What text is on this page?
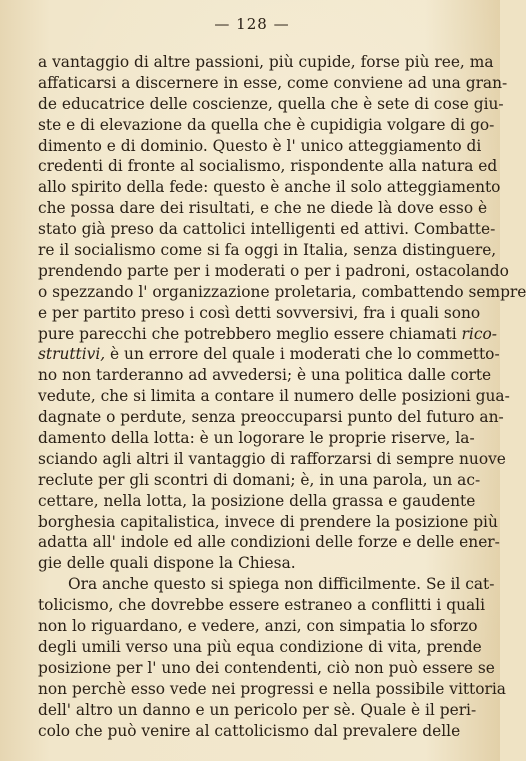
— 128 —
a vantaggio di altre passioni, più cupide, forse più ree, ma
affaticarsi a discernere in esse, come conviene ad una gran-
de educatrice delle coscienze, quella che è sete di cose giu-
ste e di elevazione da quella che è cupidigia volgare di go-
dimento e di dominio. Questo è l' unico atteggiamento di
credenti di fronte al socialismo, rispondente alla natura ed
allo spirito della fede: questo è anche il solo atteggiamento
che possa dare dei risultati, e che ne diede là dove esso è
stato già preso da cattolici intelligenti ed attivi. Combatte-
re il socialismo come si fa oggi in Italia, senza distinguere,
prendendo parte per i moderati o per i padroni, ostacolando
o spezzando l' organizzazione proletaria, combattendo sempre
e per partito preso i così detti sovversivi, fra i quali sono
pure parecchi che potrebbero meglio essere chiamati rico-
struttivi, è un errore del quale i moderati che lo commetto-
no non tarderanno ad avvedersi; è una politica dalle corte
vedute, che si limita a contare il numero delle posizioni gua-
dagnate o perdute, senza preoccuparsi punto del futuro an-
damento della lotta: è un logorare le proprie riserve, la-
sciando agli altri il vantaggio di rafforzarsi di sempre nuove
reclute per gli scontri di domani; è, in una parola, un ac-
cettare, nella lotta, la posizione della grassa e gaudente
borghesia capitalistica, invece di prendere la posizione più
adatta all' indole ed alle condizioni delle forze e delle ener-
gie delle quali dispone la Chiesa.
Ora anche questo si spiega non difficilmente. Se il cat-
tolicismo, che dovrebbe essere estraneo a conflitti i quali
non lo riguardano, e vedere, anzi, con simpatia lo sforzo
degli umili verso una più equa condizione di vita, prende
posizione per l' uno dei contendenti, ciò non può essere se
non perchè esso vede nei progressi e nella possibile vittoria
dell' altro un danno e un pericolo per sè. Quale è il peri-
colo che può venire al cattolicismo dal prevalere delle
